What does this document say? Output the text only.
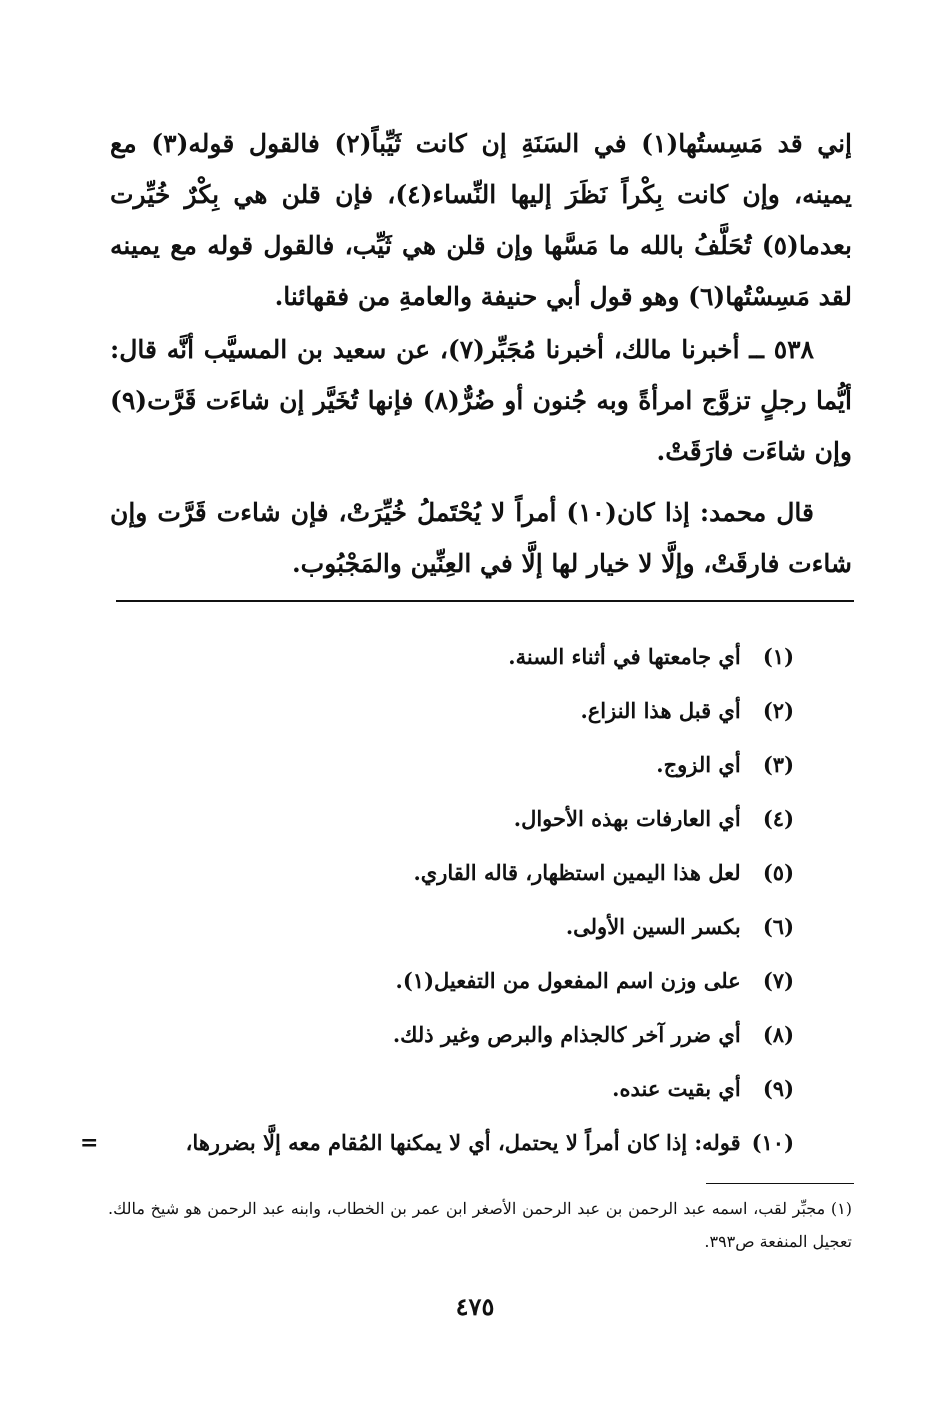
إني قد مَسِستُها(١) في السَنَةِ إن كانت ثَيِّباً(٢) فالقول قوله(٣) مع يمينه، وإن كانت بِكْراً نَظَرَ إليها النِّساء(٤)، فإن قلن هي بِكْرٌ خُيِّرت بعدما(٥) تُحَلَّفُ بالله ما مَسَّها وإن قلن هي ثَيِّب، فالقول قوله مع يمينه لقد مَسِسْتُها(٦) وهو قول أبي حنيفة والعامةِ من فقهائنا.

٥٣٨ ــ أخبرنا مالك، أخبرنا مُجَبِّر(٧)، عن سعيد بن المسيَّب أنَّه قال: أيُّما رجلٍ تزوَّج امرأةً وبه جُنون أو ضُرٌّ(٨) فإنها تُخَيَّر إن شاءَت قَرَّت(٩) وإن شاءَت فارَقَتْ.

قال محمد: إذا كان(١٠) أمراً لا يُحْتَملُ خُيِّرَتْ، فإن شاءت قَرَّت وإن شاءت فارقَتْ، وإلَّا لا خيار لها إلَّا في العِنِّين والمَجْبُوب.

(١) أي جامعتها في أثناء السنة.
(٢) أي قبل هذا النزاع.
(٣) أي الزوج.
(٤) أي العارفات بهذه الأحوال.
(٥) لعل هذا اليمين استظهار، قاله القاري.
(٦) بكسر السين الأولى.
(٧) على وزن اسم المفعول من التفعيل(١).
(٨) أي ضرر آخر كالجذام والبرص وغير ذلك.
(٩) أي بقيت عنده.
(١٠) قوله: إذا كان أمراً لا يحتمل، أي لا يمكنها المُقام معه إلَّا بضررها،
=
(١) مجبِّر لقب، اسمه عبد الرحمن بن عبد الرحمن الأصغر ابن عمر بن الخطاب، وابنه عبد الرحمن هو شيخ مالك. تعجيل المنفعة ص٣٩٣.
٤٧٥
